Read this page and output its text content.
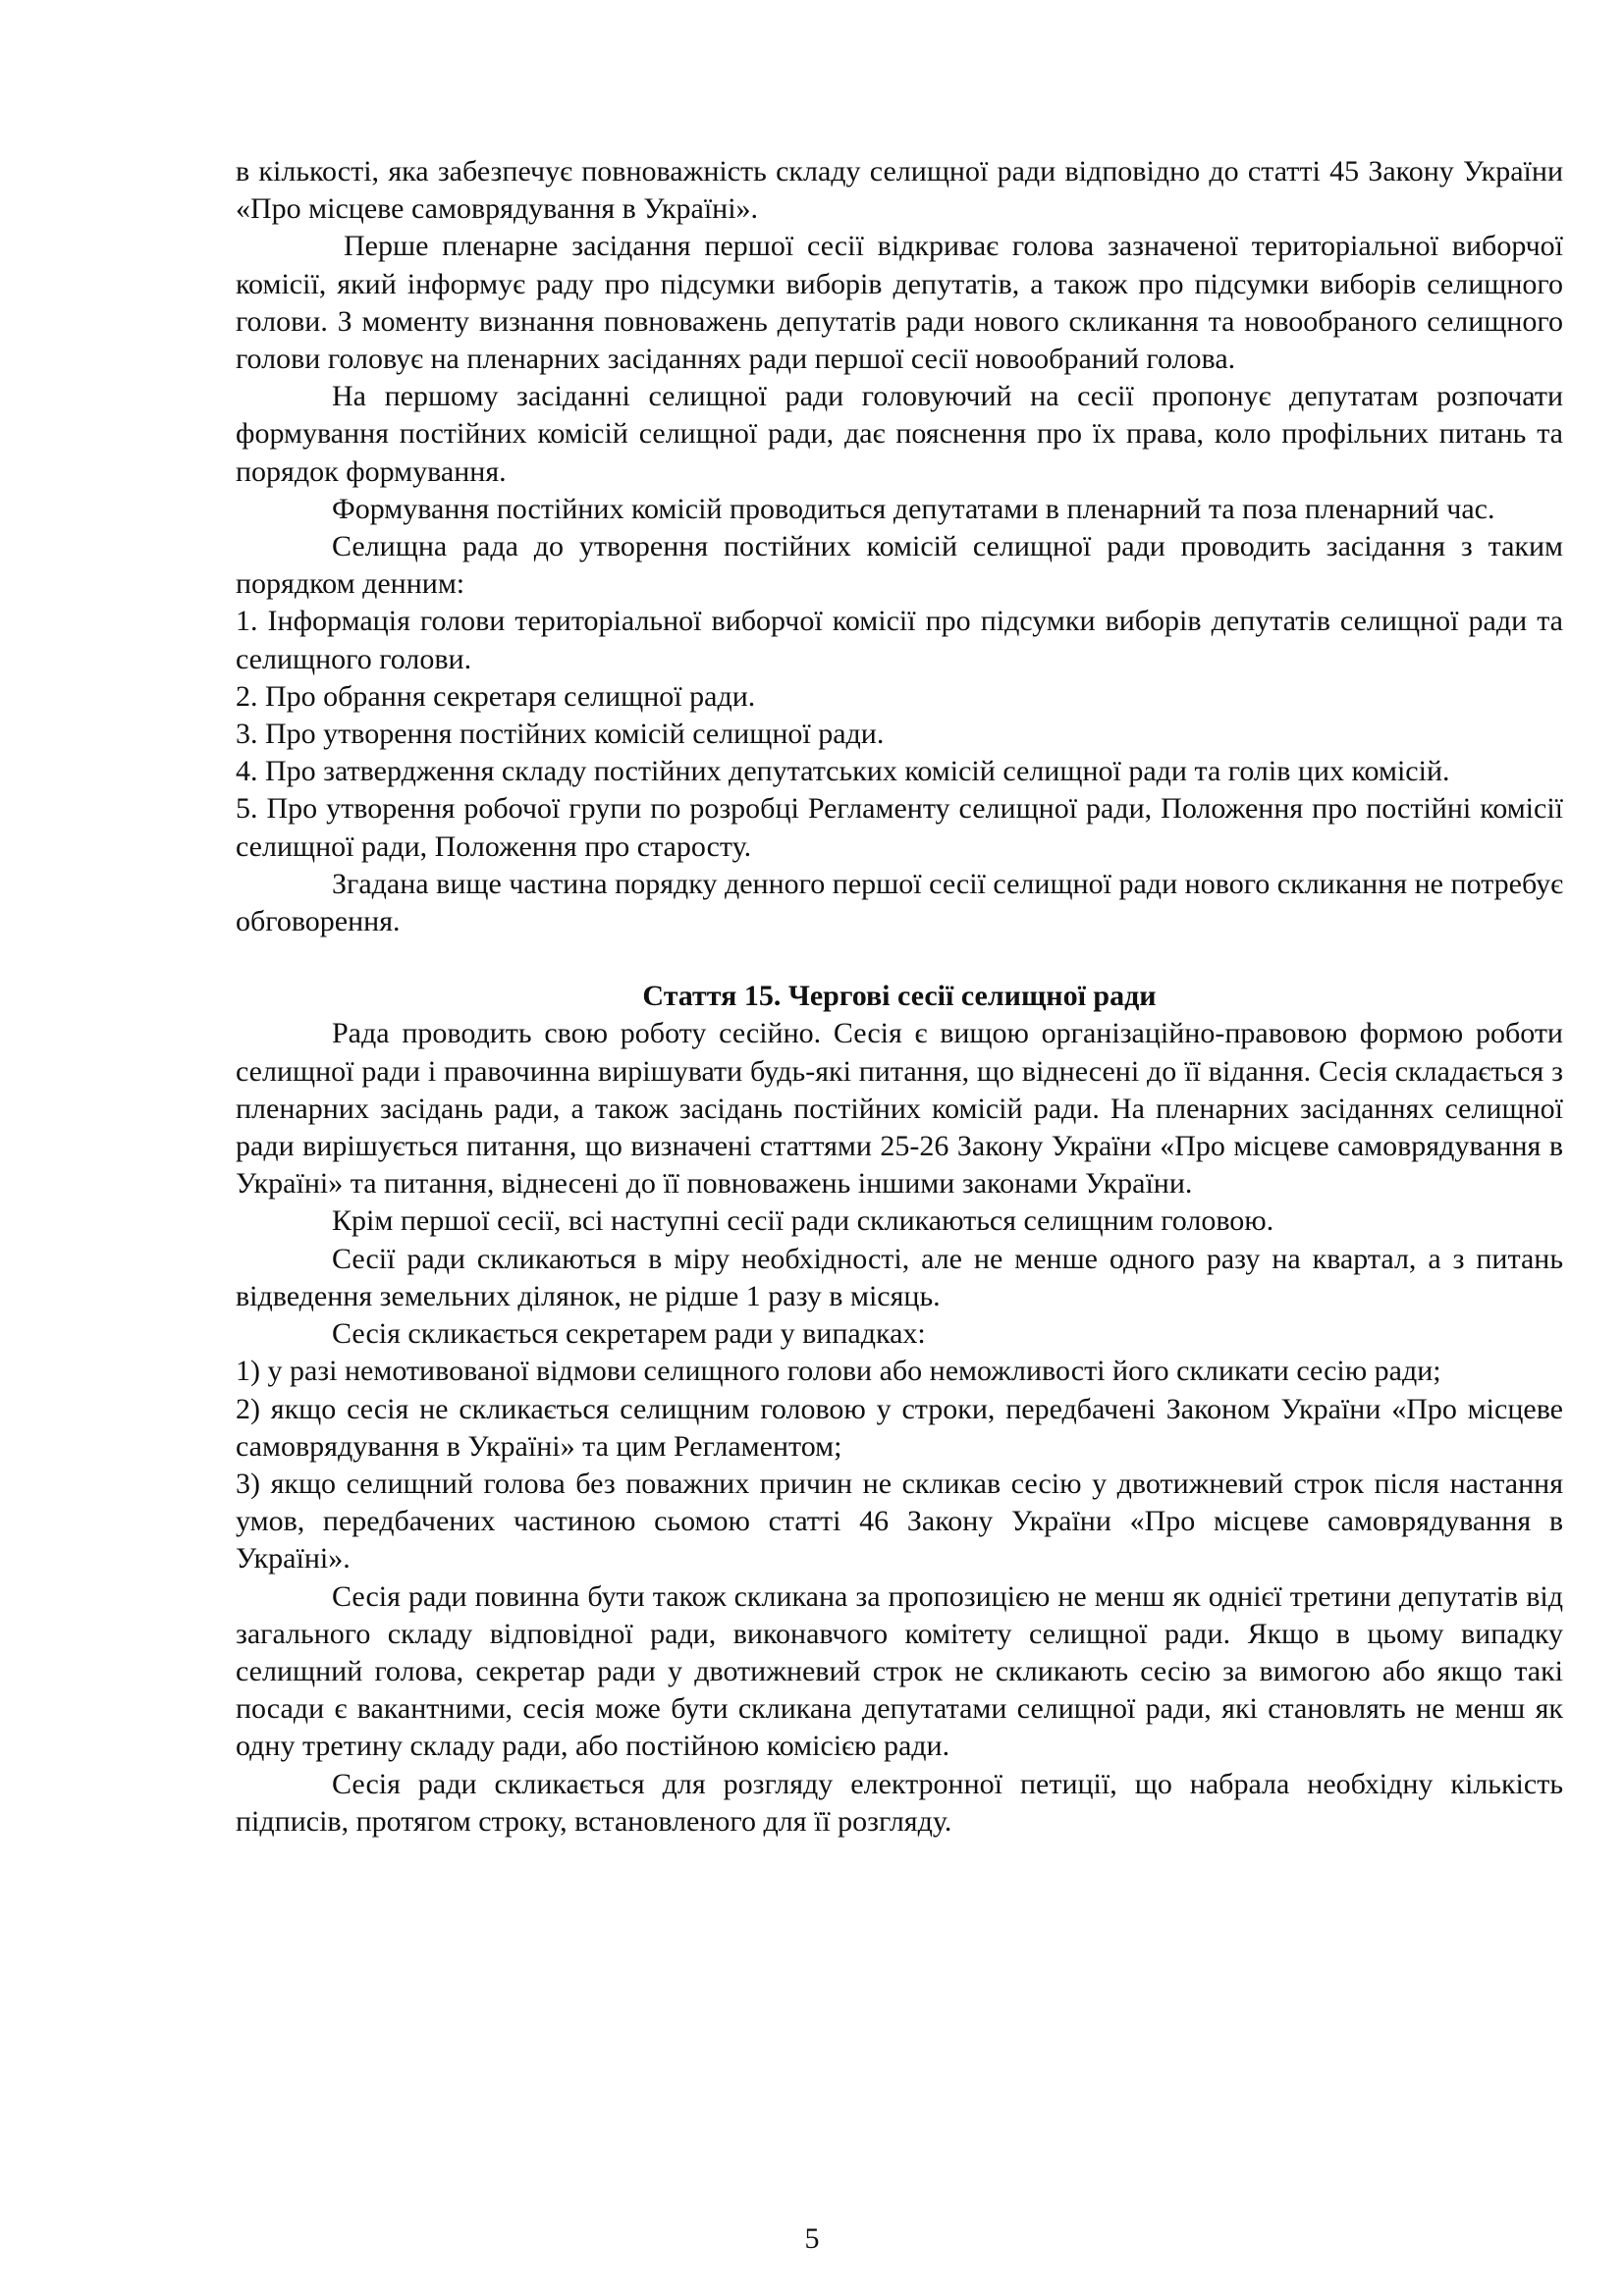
в кількості, яка забезпечує повноважність складу селищної ради відповідно до статті 45 Закону України «Про місцеве самоврядування в Україні».

Перше пленарне засідання першої сесії відкриває голова зазначеної територіальної виборчої комісії, який інформує раду про підсумки виборів депутатів, а також про підсумки виборів селищного голови. З моменту визнання повноважень депутатів ради нового скликання та новообраного селищного голови головує на пленарних засіданнях ради першої сесії новообраний голова.

На першому засіданні селищної ради головуючий на сесії пропонує депутатам розпочати формування постійних комісій селищної ради, дає пояснення про їх права, коло профільних питань та порядок формування.

Формування постійних комісій проводиться депутатами в пленарний та поза пленарний час.

Селищна рада до утворення постійних комісій селищної ради проводить засідання з таким порядком денним:

1. Інформація голови територіальної виборчої комісії про підсумки виборів депутатів селищної ради та селищного голови.

2. Про обрання секретаря селищної ради.

3. Про утворення постійних комісій селищної ради.

4. Про затвердження складу постійних депутатських комісій селищної ради та голів цих комісій.

5. Про утворення робочої групи по розробці Регламенту селищної ради, Положення про постійні комісії селищної ради, Положення про старосту.

Згадана вище частина порядку денного першої сесії селищної ради нового скликання не потребує обговорення.

Стаття 15. Чергові сесії селищної ради

Рада проводить свою роботу сесійно. Сесія є вищою організаційно-правовою формою роботи селищної ради і правочинна вирішувати будь-які питання, що віднесені до її відання. Сесія складається з пленарних засідань ради, а також засідань постійних комісій ради. На пленарних засіданнях селищної ради вирішується питання, що визначені статтями 25-26 Закону України «Про місцеве самоврядування в Україні» та питання, віднесені до її повноважень іншими законами України.

Крім першої сесії, всі наступні сесії ради скликаються селищним головою.

Сесії ради скликаються в міру необхідності, але не менше одного разу на квартал, а з питань відведення земельних ділянок, не рідше 1 разу в місяць.

Сесія скликається секретарем ради у випадках:

1) у разі немотивованої відмови селищного голови або неможливості його скликати сесію ради;

2) якщо сесія не скликається селищним головою у строки, передбачені Законом України «Про місцеве самоврядування в Україні» та цим Регламентом;

3) якщо селищний голова без поважних причин не скликав сесію у двотижневий строк після настання умов, передбачених частиною сьомою статті 46 Закону України «Про місцеве самоврядування в Україні».

Сесія ради повинна бути також скликана за пропозицією не менш як однієї третини депутатів від загального складу відповідної ради, виконавчого комітету селищної ради. Якщо в цьому випадку селищний голова, секретар ради у двотижневий строк не скликають сесію за вимогою або якщо такі посади є вакантними, сесія може бути скликана депутатами селищної ради, які становлять не менш як одну третину складу ради, або постійною комісією ради.

Сесія ради скликається для розгляду електронної петиції, що набрала необхідну кількість підписів, протягом строку, встановленого для її розгляду.

5
